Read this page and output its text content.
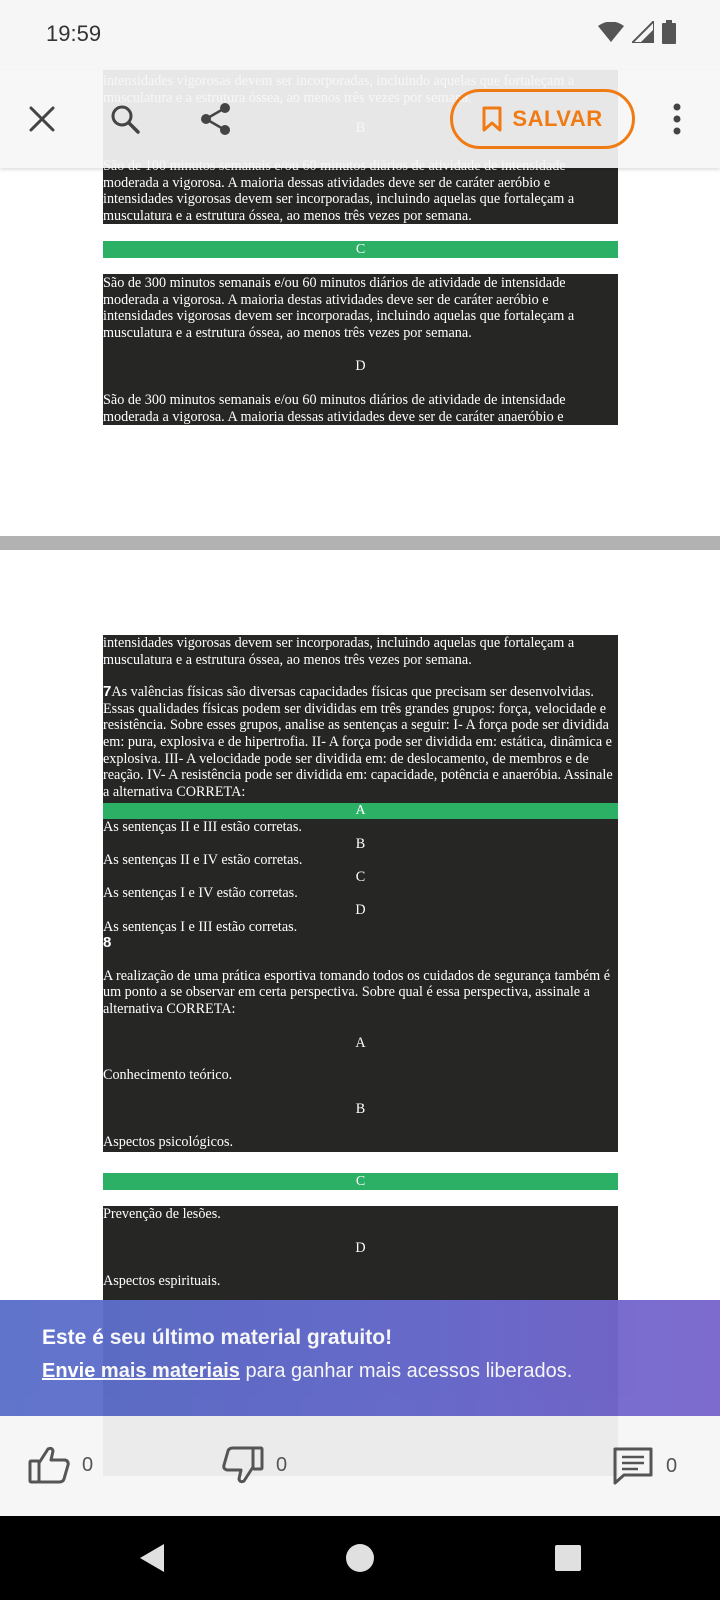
moderada a vigorosa. A maioria dessas atividades deve ser de caráter aeróbio e intensidades vigorosas devem ser incorporadas, incluindo aquelas que fortaleçam a musculatura e a estrutura óssea, ao menos três vezes por semana.

C

São de 300 minutos semanais e/ou 60 minutos diários de atividade de intensidade moderada a vigorosa. A maioria destas atividades deve ser de caráter aeróbio e intensidades vigorosas devem ser incorporadas, incluindo aquelas que fortaleçam a musculatura e a estrutura óssea, ao menos três vezes por semana.

D

São de 300 minutos semanais e/ou 60 minutos diários de atividade de intensidade moderada a vigorosa. A maioria dessas atividades deve ser de caráter anaeróbio e

intensidades vigorosas devem ser incorporadas, incluindo aquelas que fortaleçam a musculatura e a estrutura óssea, ao menos três vezes por semana.

7As valências físicas são diversas capacidades físicas que precisam ser desenvolvidas. Essas qualidades físicas podem ser divididas em três grandes grupos: força, velocidade e resistência. Sobre esses grupos, analise as sentenças a seguir: I- A força pode ser dividida em: pura, explosiva e de hipertrofia. II- A força pode ser dividida em: estática, dinâmica e explosiva. III- A velocidade pode ser dividida em: de deslocamento, de membros e de reação. IV- A resistência pode ser dividida em: capacidade, potência e anaeróbia. Assinale a alternativa CORRETA:

A

As sentenças II e III estão corretas.

B

As sentenças II e IV estão corretas.

C

As sentenças I e IV estão corretas.

D

As sentenças I e III estão corretas.

8

A realização de uma prática esportiva tomando todos os cuidados de segurança também é um ponto a se observar em certa perspectiva. Sobre qual é essa perspectiva, assinale a alternativa CORRETA:

A

Conhecimento teórico.

B

Aspectos psicológicos.

C

Prevenção de lesões.

D

Aspectos espirituais.

19:59
SALVAR
Este é seu último material gratuito!
Envie mais materiais para ganhar mais acessos liberados.
0	0	0
